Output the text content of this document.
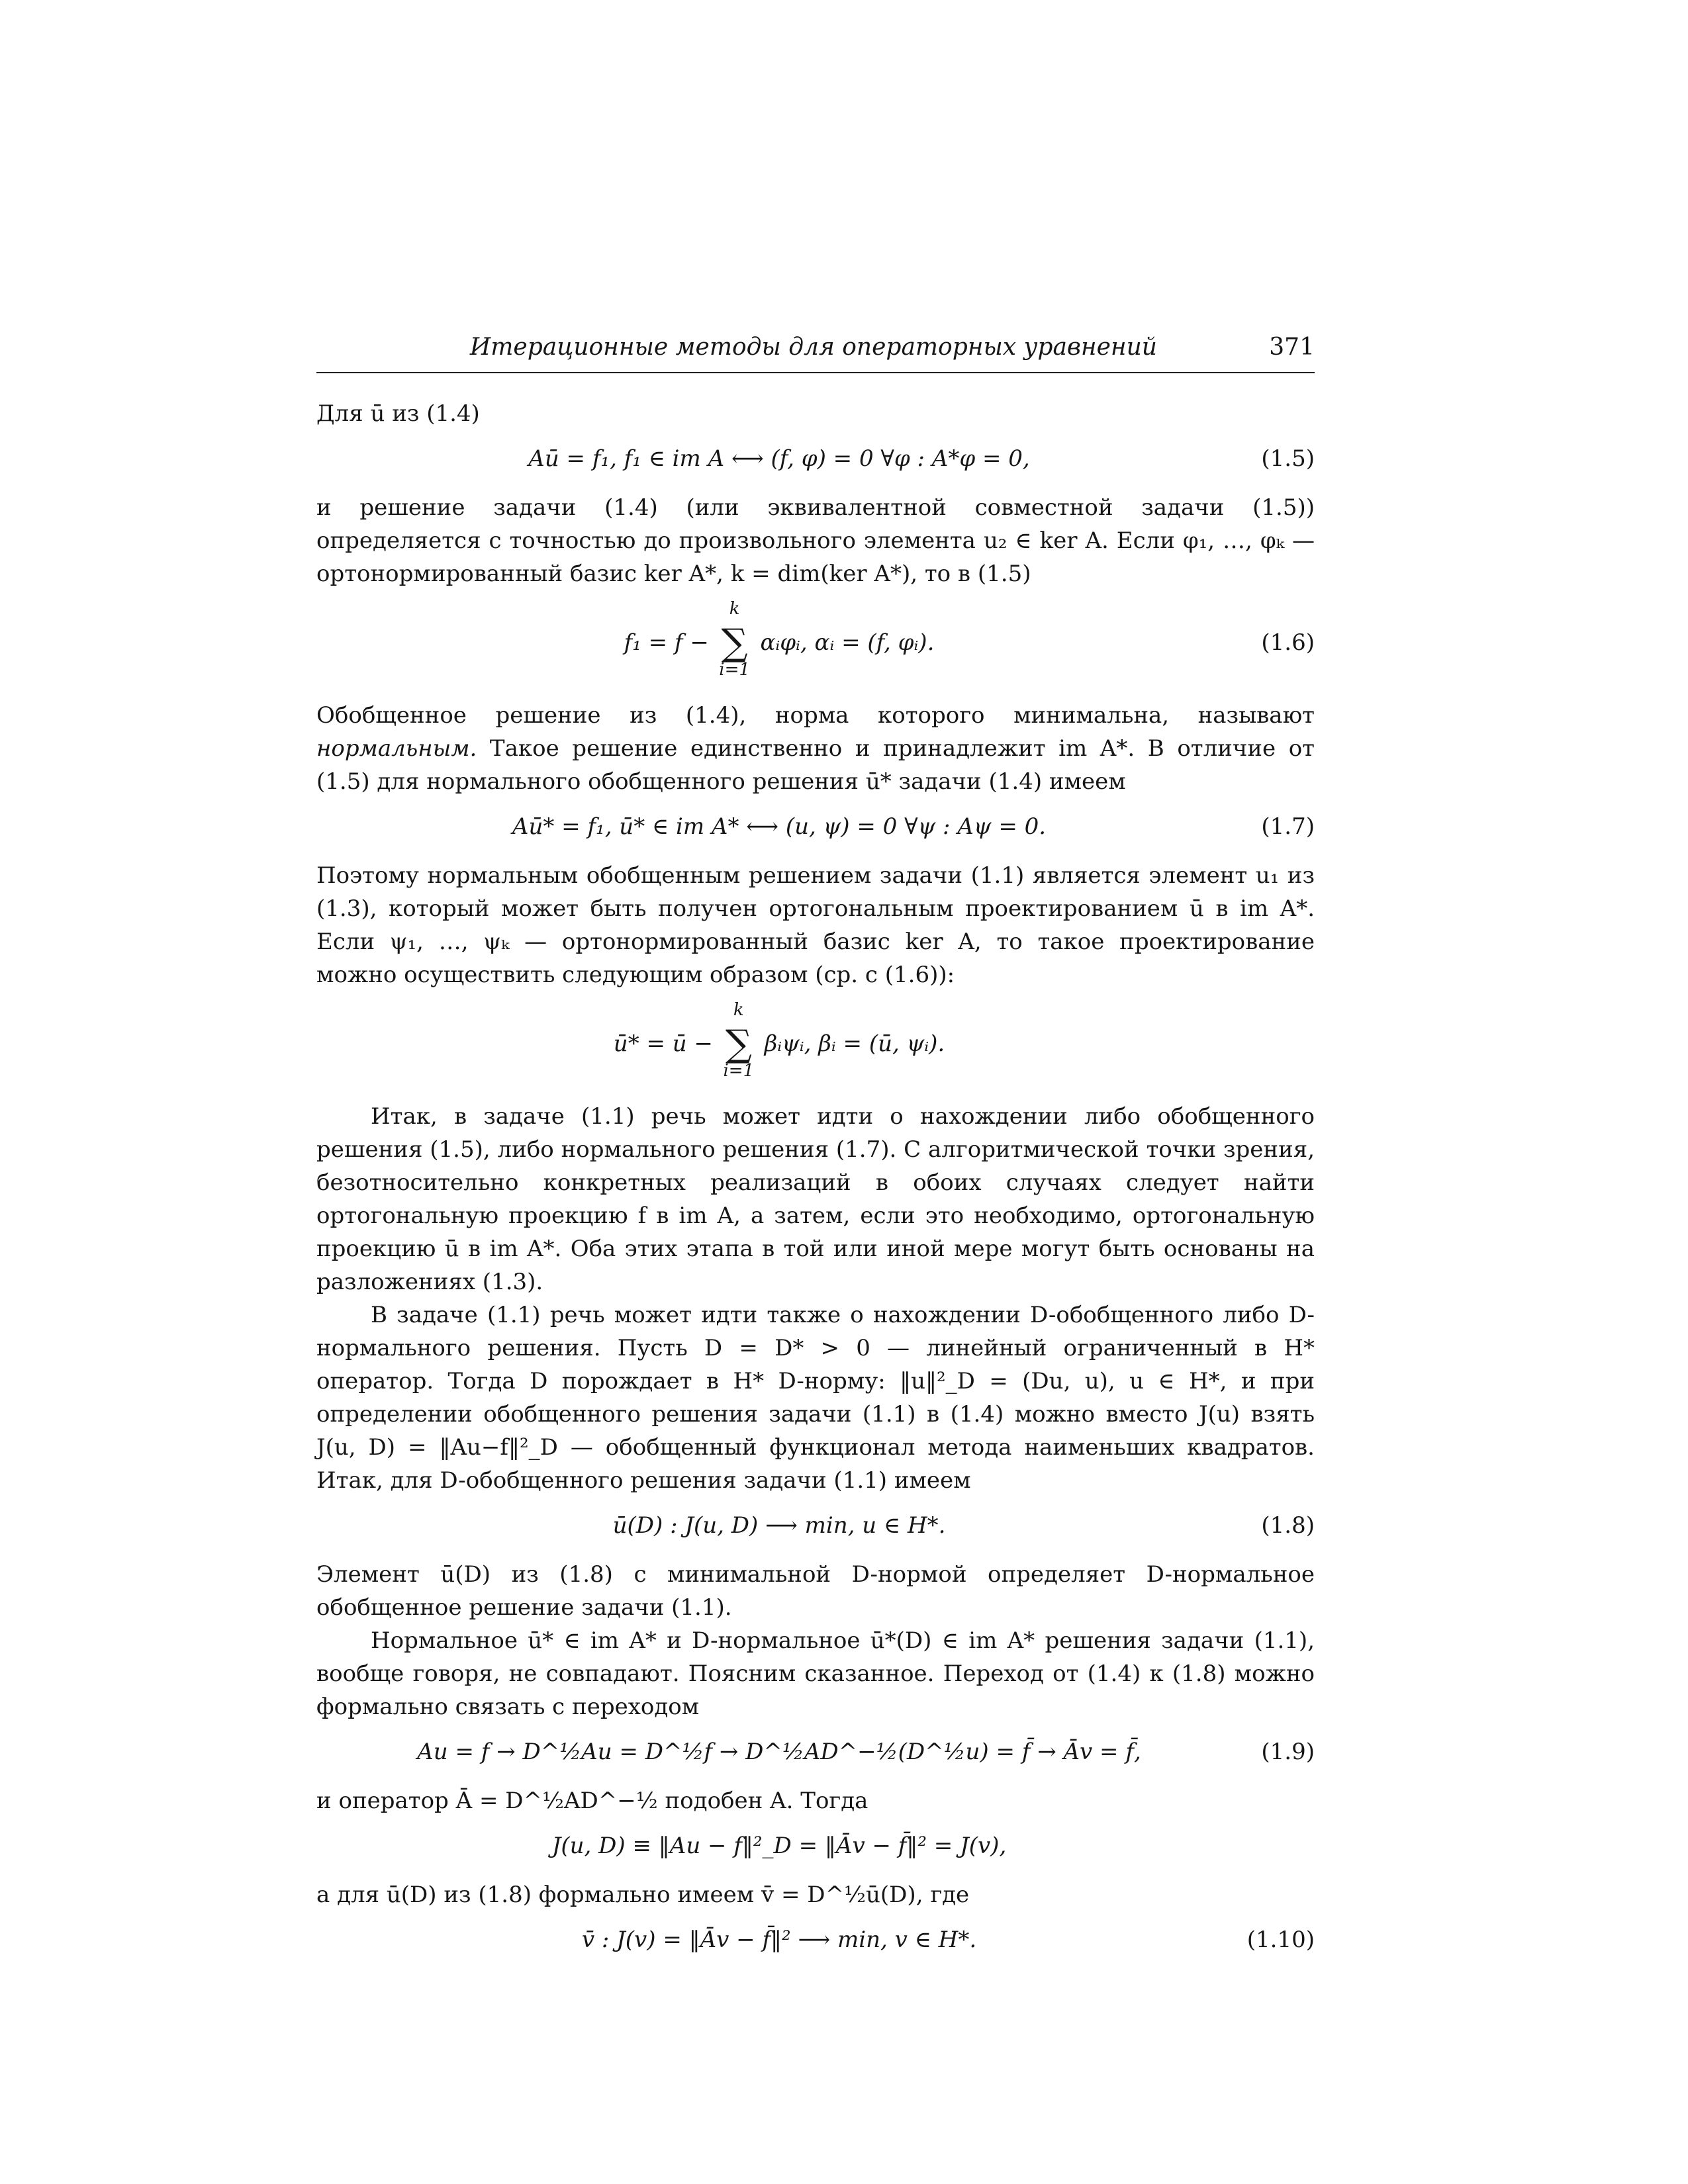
Итерационные методы для операторных уравнений	371

Для ū из (1.4)

Aū = f₁, f₁ ∈ im A ⟷ (f, φ) = 0 ∀φ : A*φ = 0,	(1.5)

и решение задачи (1.4) (или эквивалентной совместной задачи (1.5)) определяется с точностью до произвольного элемента u₂ ∈ ker A. Если φ₁, …, φₖ — ортонормированный базис ker A*, k = dim(ker A*), то в (1.5)

f₁ = f −
k
∑
i=1
αᵢφᵢ, αᵢ = (f, φᵢ).	(1.6)

Обобщенное решение из (1.4), норма которого минимальна, называют нормальным. Такое решение единственно и принадлежит im A*. В отличие от (1.5) для нормального обобщенного решения ū* задачи (1.4) имеем

Aū* = f₁, ū* ∈ im A* ⟷ (u, ψ) = 0 ∀ψ : Aψ = 0.	(1.7)

Поэтому нормальным обобщенным решением задачи (1.1) является элемент u₁ из (1.3), который может быть получен ортогональным проектированием ū в im A*. Если ψ₁, …, ψₖ — ортонормированный базис ker A, то такое проектирование можно осуществить следующим образом (ср. с (1.6)):

ū* = ū −
k
∑
i=1
βᵢψᵢ, βᵢ = (ū, ψᵢ).

Итак, в задаче (1.1) речь может идти о нахождении либо обобщенного решения (1.5), либо нормального решения (1.7). С алгоритмической точки зрения, безотносительно конкретных реализаций в обоих случаях следует найти ортогональную проекцию f в im A, а затем, если это необходимо, ортогональную проекцию ū в im A*. Оба этих этапа в той или иной мере могут быть основаны на разложениях (1.3).

В задаче (1.1) речь может идти также о нахождении D-обобщенного либо D-нормального решения. Пусть D = D* > 0 — линейный ограниченный в H* оператор. Тогда D порождает в H* D-норму: ‖u‖²_D = (Du, u), u ∈ H*, и при определении обобщенного решения задачи (1.1) в (1.4) можно вместо J(u) взять J(u, D) = ‖Au−f‖²_D — обобщенный функционал метода наименьших квадратов. Итак, для D-обобщенного решения задачи (1.1) имеем

ū(D) : J(u, D) ⟶ min, u ∈ H*.	(1.8)

Элемент ū(D) из (1.8) с минимальной D-нормой определяет D-нормальное обобщенное решение задачи (1.1).

Нормальное ū* ∈ im A* и D-нормальное ū*(D) ∈ im A* решения задачи (1.1), вообще говоря, не совпадают. Поясним сказанное. Переход от (1.4) к (1.8) можно формально связать с переходом

Au = f → D^½Au = D^½f → D^½AD^−½(D^½u) = f̄ → Āv = f̄,	(1.9)

и оператор Ā = D^½AD^−½ подобен A. Тогда

J(u, D) ≡ ‖Au − f‖²_D = ‖Āv − f̄‖² = J(v),

а для ū(D) из (1.8) формально имеем v̄ = D^½ū(D), где

v̄ : J(v) = ‖Āv − f̄‖² ⟶ min, v ∈ H*.	(1.10)
